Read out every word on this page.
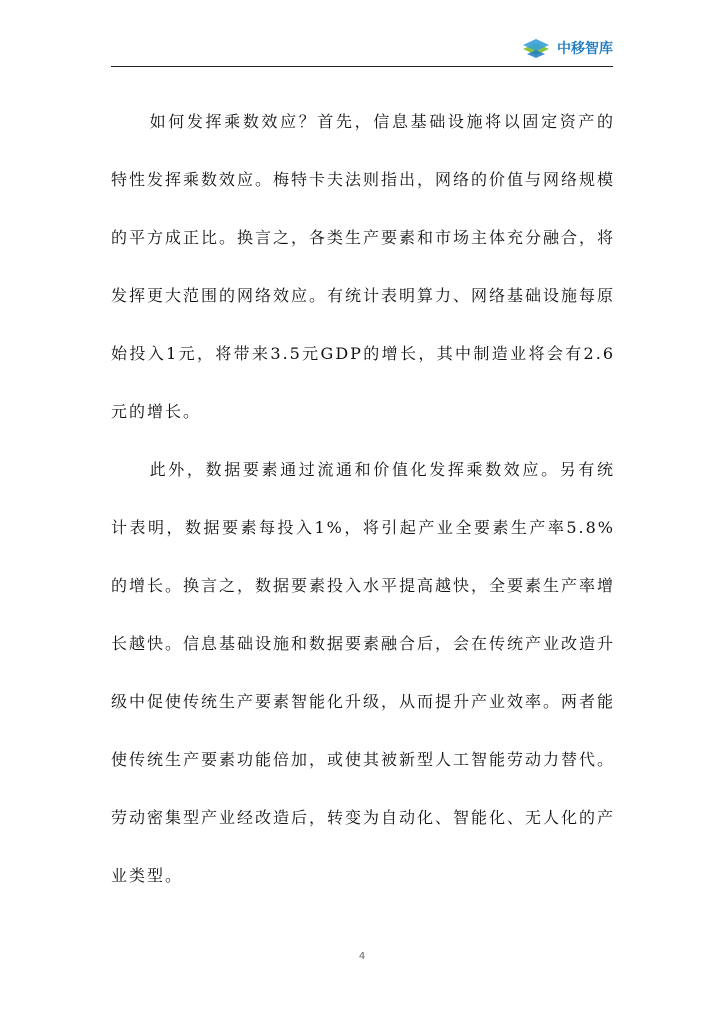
中移智库

如何发挥乘数效应？首先，信息基础设施将以固定资产的特性发挥乘数效应。梅特卡夫法则指出，网络的价值与网络规模的平方成正比。换言之，各类生产要素和市场主体充分融合，将发挥更大范围的网络效应。有统计表明算力、网络基础设施每原始投入1元，将带来3.5元GDP的增长，其中制造业将会有2.6元的增长。

此外，数据要素通过流通和价值化发挥乘数效应。另有统计表明，数据要素每投入1%，将引起产业全要素生产率5.8%的增长。换言之，数据要素投入水平提高越快，全要素生产率增长越快。信息基础设施和数据要素融合后，会在传统产业改造升级中促使传统生产要素智能化升级，从而提升产业效率。两者能使传统生产要素功能倍加，或使其被新型人工智能劳动力替代。劳动密集型产业经改造后，转变为自动化、智能化、无人化的产业类型。

4
